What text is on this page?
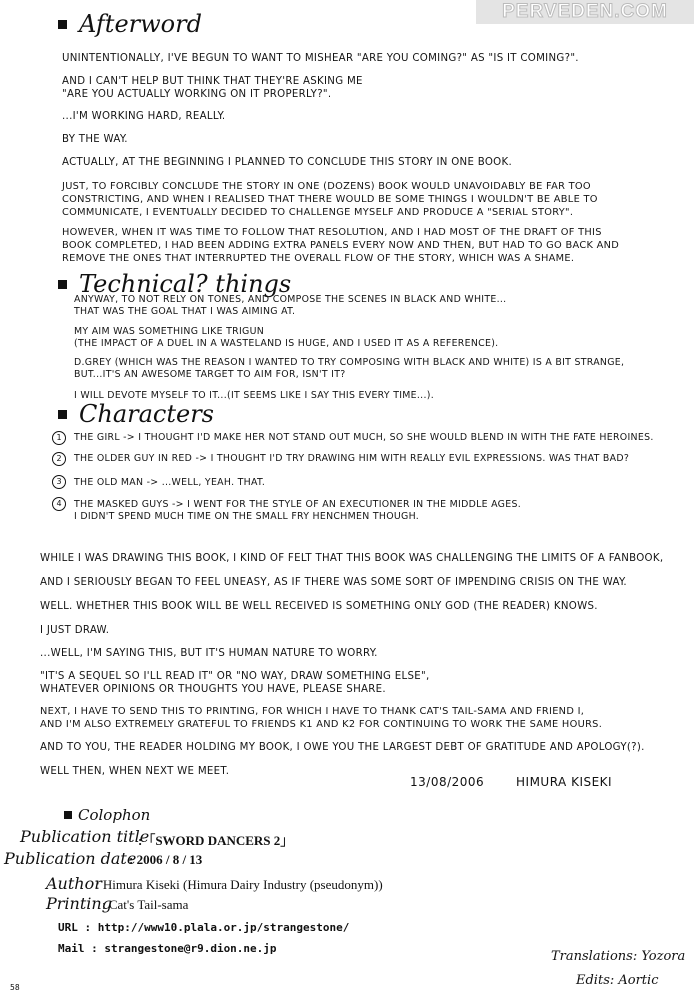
PERVEDEN.COM
Afterword
UNINTENTIONALLY, I'VE BEGUN TO WANT TO MISHEAR "ARE YOU COMING?" AS "IS IT COMING?".
AND I CAN'T HELP BUT THINK THAT THEY'RE ASKING ME
"ARE YOU ACTUALLY WORKING ON IT PROPERLY?".
...I'M WORKING HARD, REALLY.
BY THE WAY.
ACTUALLY, AT THE BEGINNING I PLANNED TO CONCLUDE THIS STORY IN ONE BOOK.
JUST, TO FORCIBLY CONCLUDE THE STORY IN ONE (DOZENS) BOOK WOULD UNAVOIDABLY BE FAR TOO
CONSTRICTING, AND WHEN I REALISED THAT THERE WOULD BE SOME THINGS I WOULDN'T BE ABLE TO
COMMUNICATE, I EVENTUALLY DECIDED TO CHALLENGE MYSELF AND PRODUCE A "SERIAL STORY".
HOWEVER, WHEN IT WAS TIME TO FOLLOW THAT RESOLUTION, AND I HAD MOST OF THE DRAFT OF THIS
BOOK COMPLETED, I HAD BEEN ADDING EXTRA PANELS EVERY NOW AND THEN, BUT HAD TO GO BACK AND
REMOVE THE ONES THAT INTERRUPTED THE OVERALL FLOW OF THE STORY, WHICH WAS A SHAME.
Technical? things
ANYWAY, TO NOT RELY ON TONES, AND COMPOSE THE SCENES IN BLACK AND WHITE...
THAT WAS THE GOAL THAT I WAS AIMING AT.
MY AIM WAS SOMETHING LIKE TRIGUN
(THE IMPACT OF A DUEL IN A WASTELAND IS HUGE, AND I USED IT AS A REFERENCE).
D.GREY (WHICH WAS THE REASON I WANTED TO TRY COMPOSING WITH BLACK AND WHITE) IS A BIT STRANGE,
BUT...IT'S AN AWESOME TARGET TO AIM FOR, ISN'T IT?
I WILL DEVOTE MYSELF TO IT...(IT SEEMS LIKE I SAY THIS EVERY TIME...).
Characters
1	THE GIRL -> I THOUGHT I'D MAKE HER NOT STAND OUT MUCH, SO SHE WOULD BLEND IN WITH THE FATE HEROINES.
2	THE OLDER GUY IN RED -> I THOUGHT I'D TRY DRAWING HIM WITH REALLY EVIL EXPRESSIONS. WAS THAT BAD?
3	THE OLD MAN -> ...WELL, YEAH. THAT.
4	THE MASKED GUYS -> I WENT FOR THE STYLE OF AN EXECUTIONER IN THE MIDDLE AGES.
I DIDN'T SPEND MUCH TIME ON THE SMALL FRY HENCHMEN THOUGH.
WHILE I WAS DRAWING THIS BOOK, I KIND OF FELT THAT THIS BOOK WAS CHALLENGING THE LIMITS OF A FANBOOK,
AND I SERIOUSLY BEGAN TO FEEL UNEASY, AS IF THERE WAS SOME SORT OF IMPENDING CRISIS ON THE WAY.
WELL. WHETHER THIS BOOK WILL BE WELL RECEIVED IS SOMETHING ONLY GOD (THE READER) KNOWS.
I JUST DRAW.
...WELL, I'M SAYING THIS, BUT IT'S HUMAN NATURE TO WORRY.
"IT'S A SEQUEL SO I'LL READ IT" OR "NO WAY, DRAW SOMETHING ELSE",
WHATEVER OPINIONS OR THOUGHTS YOU HAVE, PLEASE SHARE.
NEXT, I HAVE TO SEND THIS TO PRINTING, FOR WHICH I HAVE TO THANK CAT'S TAIL-SAMA AND FRIEND I,
AND I'M ALSO EXTREMELY GRATEFUL TO FRIENDS K1 AND K2 FOR CONTINUING TO WORK THE SAME HOURS.
AND TO YOU, THE READER HOLDING MY BOOK, I OWE YOU THE LARGEST DEBT OF GRATITUDE AND APOLOGY(?).
WELL THEN, WHEN NEXT WE MEET.
13/08/2006	HIMURA KISEKI
Colophon
Publication title
:「SWORD DANCERS 2」
Publication date
: 2006 / 8 / 13
Author
: Himura Kiseki (Himura Dairy Industry (pseudonym))
Printing
: Cat's Tail-sama
URL : http://www10.plala.or.jp/strangestone/
Mail : strangestone@r9.dion.ne.jp
Translations: Yozora
Edits: Aortic
58
